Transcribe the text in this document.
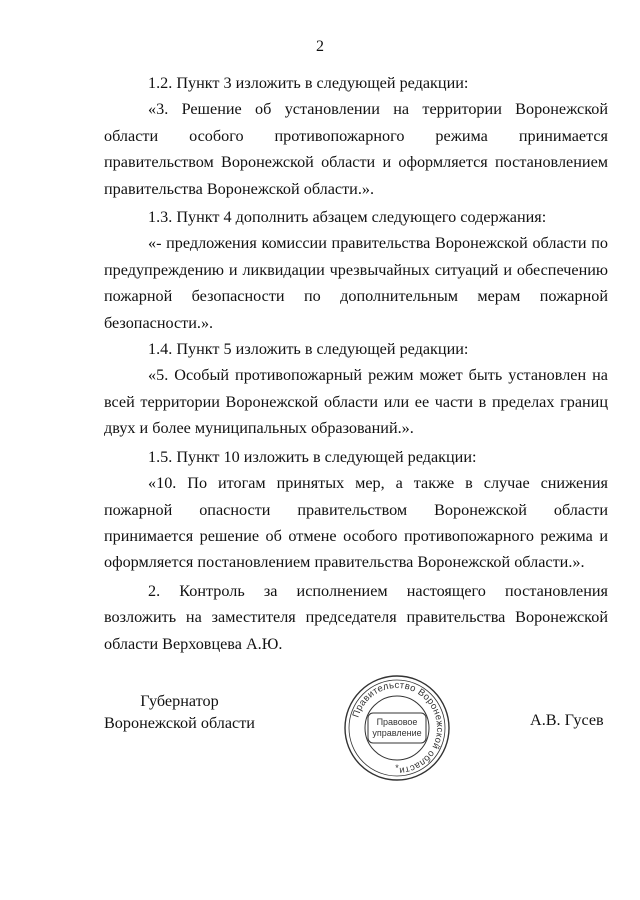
2

1.2. Пункт 3 изложить в следующей редакции:

«3. Решение об установлении на территории Воронежской области особого противопожарного режима принимается правительством Воронежской области и оформляется постановлением правительства Воронежской области.».

1.3. Пункт 4 дополнить абзацем следующего содержания:

«- предложения комиссии правительства Воронежской области по предупреждению и ликвидации чрезвычайных ситуаций и обеспечению пожарной безопасности по дополнительным мерам пожарной безопасности.».

1.4. Пункт 5 изложить в следующей редакции:

«5. Особый противопожарный режим может быть установлен на всей территории Воронежской области или ее части в пределах границ двух и более муниципальных образований.».

1.5. Пункт 10 изложить в следующей редакции:

«10. По итогам принятых мер, а также в случае снижения пожарной опасности правительством Воронежской области принимается решение об отмене особого противопожарного режима и оформляется постановлением правительства Воронежской области.».

2. Контроль за исполнением настоящего постановления возложить на заместителя председателя правительства Воронежской области Верховцева А.Ю.

Губернатор
Воронежской области
Правительство Воронежской области
Правовое
управление
*
А.В. Гусев
